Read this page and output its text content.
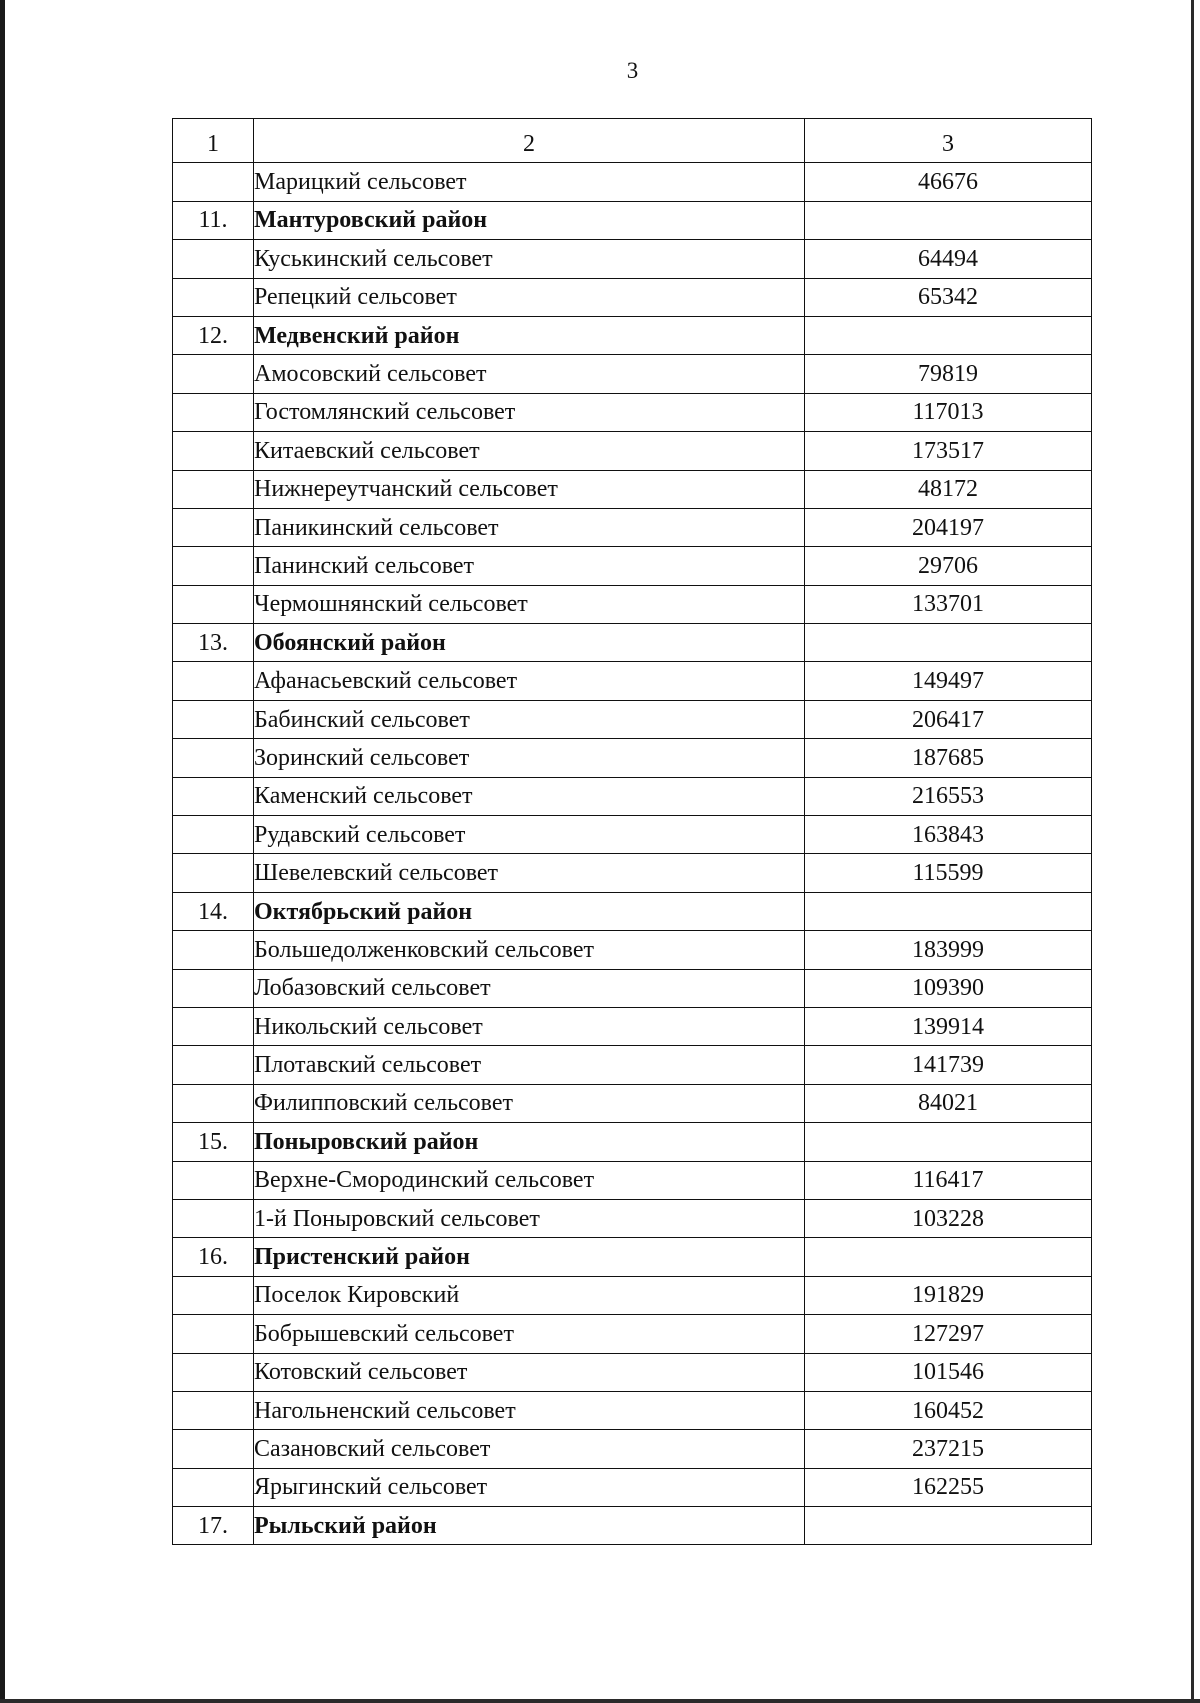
3
1	2	3
	Марицкий сельсовет	46676
11.	Мантуровский район	
	Куськинский сельсовет	64494
	Репецкий сельсовет	65342
12.	Медвенский район	
	Амосовский сельсовет	79819
	Гостомлянский сельсовет	117013
	Китаевский сельсовет	173517
	Нижнереутчанский сельсовет	48172
	Паникинский сельсовет	204197
	Панинский сельсовет	29706
	Чермошнянский сельсовет	133701
13.	Обоянский район	
	Афанасьевский сельсовет	149497
	Бабинский сельсовет	206417
	Зоринский сельсовет	187685
	Каменский сельсовет	216553
	Рудавский сельсовет	163843
	Шевелевский сельсовет	115599
14.	Октябрьский район	
	Большедолженковский сельсовет	183999
	Лобазовский сельсовет	109390
	Никольский сельсовет	139914
	Плотавский сельсовет	141739
	Филипповский сельсовет	84021
15.	Поныровский район	
	Верхне-Смородинский сельсовет	116417
	1-й Поныровский сельсовет	103228
16.	Пристенский район	
	Поселок Кировский	191829
	Бобрышевский сельсовет	127297
	Котовский сельсовет	101546
	Нагольненский сельсовет	160452
	Сазановский сельсовет	237215
	Ярыгинский сельсовет	162255
17.	Рыльский район	
